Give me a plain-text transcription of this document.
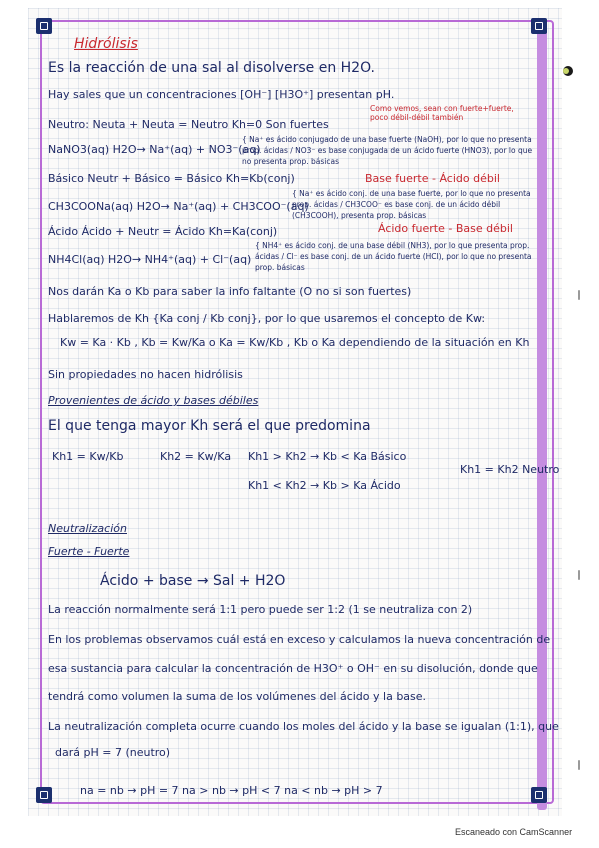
Hidrólisis
Es la reacción de una sal al disolverse en H2O.
Hay sales que un concentraciones [OH⁻] [H3O⁺] presentan pH.
Como vemos, sean con fuerte+fuerte, poco débil-débil también
Neutro: Neuta + Neuta = Neutro Kh=0 Son fuertes
NaNO3(aq) H2O→ Na⁺(aq) + NO3⁻(aq)
{ Na⁺ es ácido conjugado de una base fuerte (NaOH), por lo que no presenta prop. ácidas / NO3⁻ es base conjugada de un ácido fuerte (HNO3), por lo que no presenta prop. básicas
Básico Neutr + Básico = Básico Kh=Kb(conj)	Base fuerte - Ácido débil
CH3COONa(aq) H2O→ Na⁺(aq) + CH3COO⁻(aq)
{ Na⁺ es ácido conj. de una base fuerte, por lo que no presenta prop. ácidas / CH3COO⁻ es base conj. de un ácido débil (CH3COOH), presenta prop. básicas
Ácido Ácido + Neutr = Ácido Kh=Ka(conj)	Ácido fuerte - Base débil
NH4Cl(aq) H2O→ NH4⁺(aq) + Cl⁻(aq)
{ NH4⁺ es ácido conj. de una base débil (NH3), por lo que presenta prop. ácidas / Cl⁻ es base conj. de un ácido fuerte (HCl), por lo que no presenta prop. básicas
Nos darán Ka o Kb para saber la info faltante (O no si son fuertes)
Hablaremos de Kh {Ka conj / Kb conj}, por lo que usaremos el concepto de Kw:
Kw = Ka · Kb , Kb = Kw/Ka o Ka = Kw/Kb , Kb o Ka dependiendo de la situación en Kh
Sin propiedades no hacen hidrólisis
Provenientes de ácido y bases débiles
El que tenga mayor Kh será el que predomina
Kh1 = Kw/Kb	Kh2 = Kw/Ka Kh1 > Kh2 → Kb < Ka Básico
Kh1 = Kh2 Neutro
Kh1 < Kh2 → Kb > Ka Ácido
Neutralización
Fuerte - Fuerte
Ácido + base → Sal + H2O
La reacción normalmente será 1:1 pero puede ser 1:2 (1 se neutraliza con 2)
En los problemas observamos cuál está en exceso y calculamos la nueva concentración de
esa sustancia para calcular la concentración de H3O⁺ o OH⁻ en su disolución, donde que
tendrá como volumen la suma de los volúmenes del ácido y la base.
La neutralización completa ocurre cuando los moles del ácido y la base se igualan (1:1), que
dará pH = 7 (neutro)
na = nb → pH = 7 na > nb → pH < 7 na < nb → pH > 7
Escaneado con CamScanner
